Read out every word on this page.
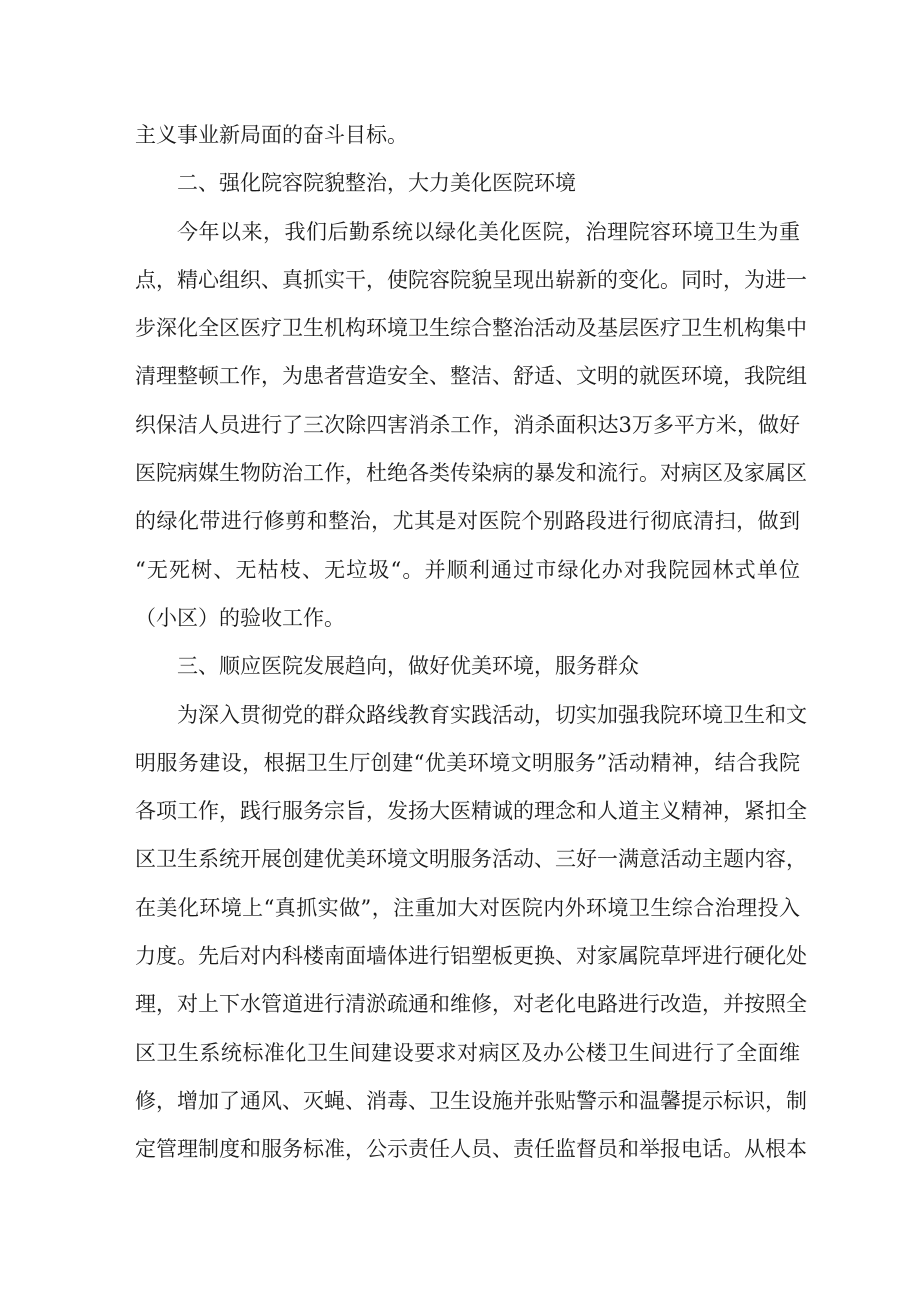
主义事业新局面的奋斗目标。
二、强化院容院貌整治，大力美化医院环境
今年以来，我们后勤系统以绿化美化医院，治理院容环境卫生为重
点，精心组织、真抓实干，使院容院貌呈现出崭新的变化。同时，为进一
步深化全区医疗卫生机构环境卫生综合整治活动及基层医疗卫生机构集中
清理整顿工作，为患者营造安全、整洁、舒适、文明的就医环境，我院组
织保洁人员进行了三次除四害消杀工作，消杀面积达3万多平方米，做好
医院病媒生物防治工作，杜绝各类传染病的暴发和流行。对病区及家属区
的绿化带进行修剪和整治，尤其是对医院个别路段进行彻底清扫，做到
“无死树、无枯枝、无垃圾“。并顺利通过市绿化办对我院园林式单位
（小区）的验收工作。
三、顺应医院发展趋向，做好优美环境，服务群众
为深入贯彻党的群众路线教育实践活动，切实加强我院环境卫生和文
明服务建设，根据卫生厅创建“优美环境文明服务”活动精神，结合我院
各项工作，践行服务宗旨，发扬大医精诚的理念和人道主义精神，紧扣全
区卫生系统开展创建优美环境文明服务活动、三好一满意活动主题内容，
在美化环境上“真抓实做”，注重加大对医院内外环境卫生综合治理投入
力度。先后对内科楼南面墙体进行铝塑板更换、对家属院草坪进行硬化处
理，对上下水管道进行清淤疏通和维修，对老化电路进行改造，并按照全
区卫生系统标准化卫生间建设要求对病区及办公楼卫生间进行了全面维
修，增加了通风、灭蝇、消毒、卫生设施并张贴警示和温馨提示标识，制
定管理制度和服务标准，公示责任人员、责任监督员和举报电话。从根本
